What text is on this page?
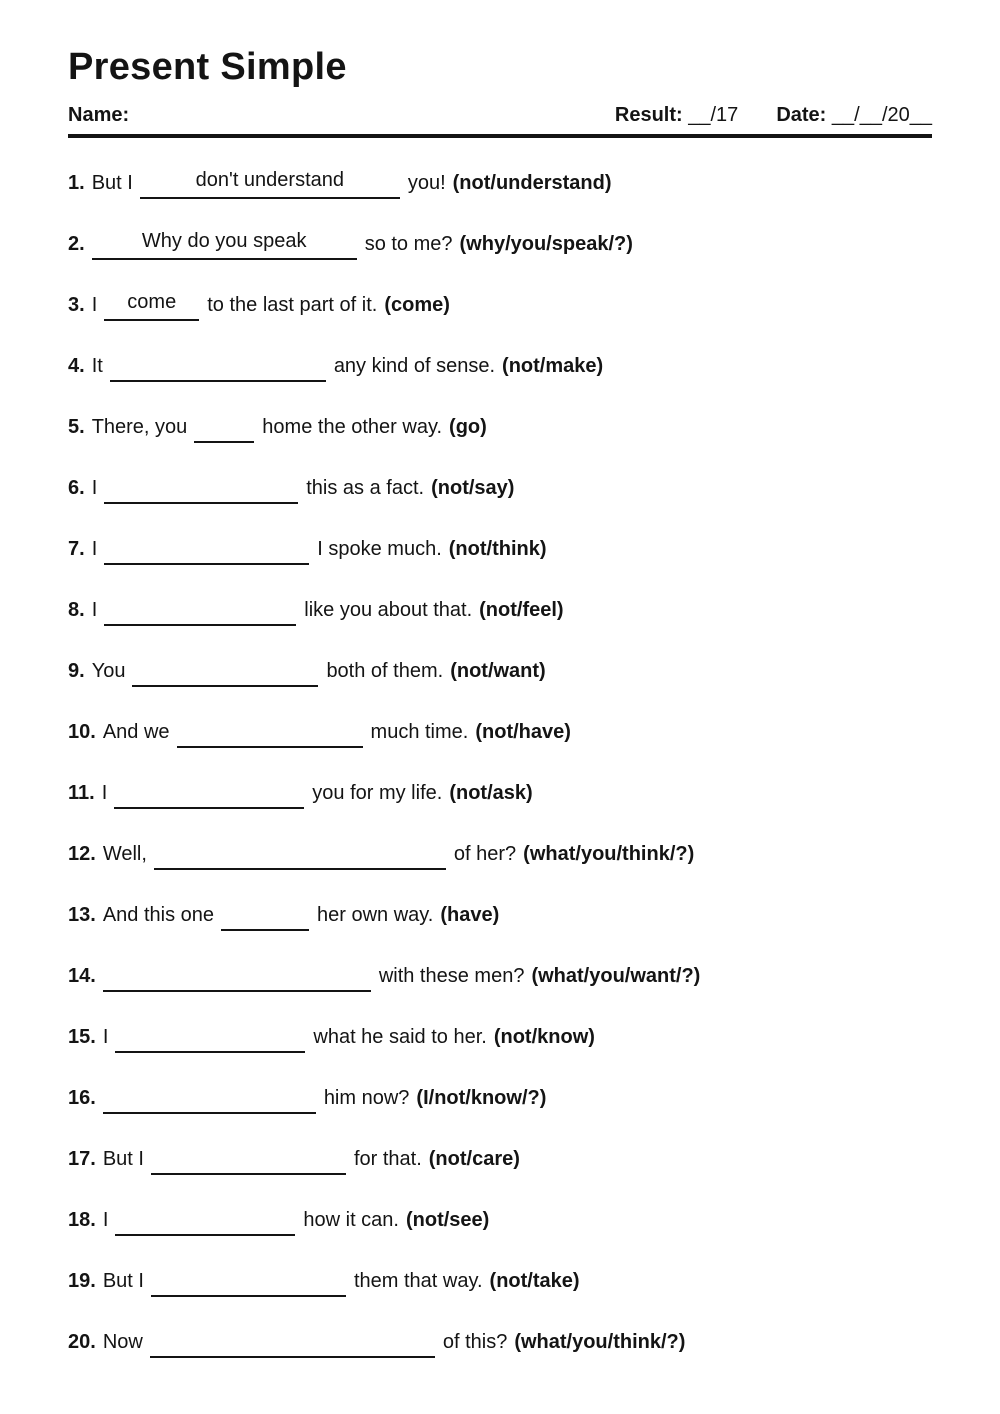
Present Simple
Name:	Result: __/17 Date: __/__/20__
1. But I	don't understand	you! (not/understand)
2.	Why do you speak	so to me? (why/you/speak/?)
3. I	come	to the last part of it. (come)
4. It
	any kind of sense. (not/make)
5. There, you
	home the other way. (go)
6. I
	this as a fact. (not/say)
7. I
	I spoke much. (not/think)
8. I
	like you about that. (not/feel)
9. You
	both of them. (not/want)
10. And we
	much time. (not/have)
11. I
	you for my life. (not/ask)
12. Well,
	of her? (what/you/think/?)
13. And this one
	her own way. (have)
14.
	with these men? (what/you/want/?)
15. I
	what he said to her. (not/know)
16.
	him now? (I/not/know/?)
17. But I
	for that. (not/care)
18. I
	how it can. (not/see)
19. But I
	them that way. (not/take)
20. Now
	of this? (what/you/think/?)
